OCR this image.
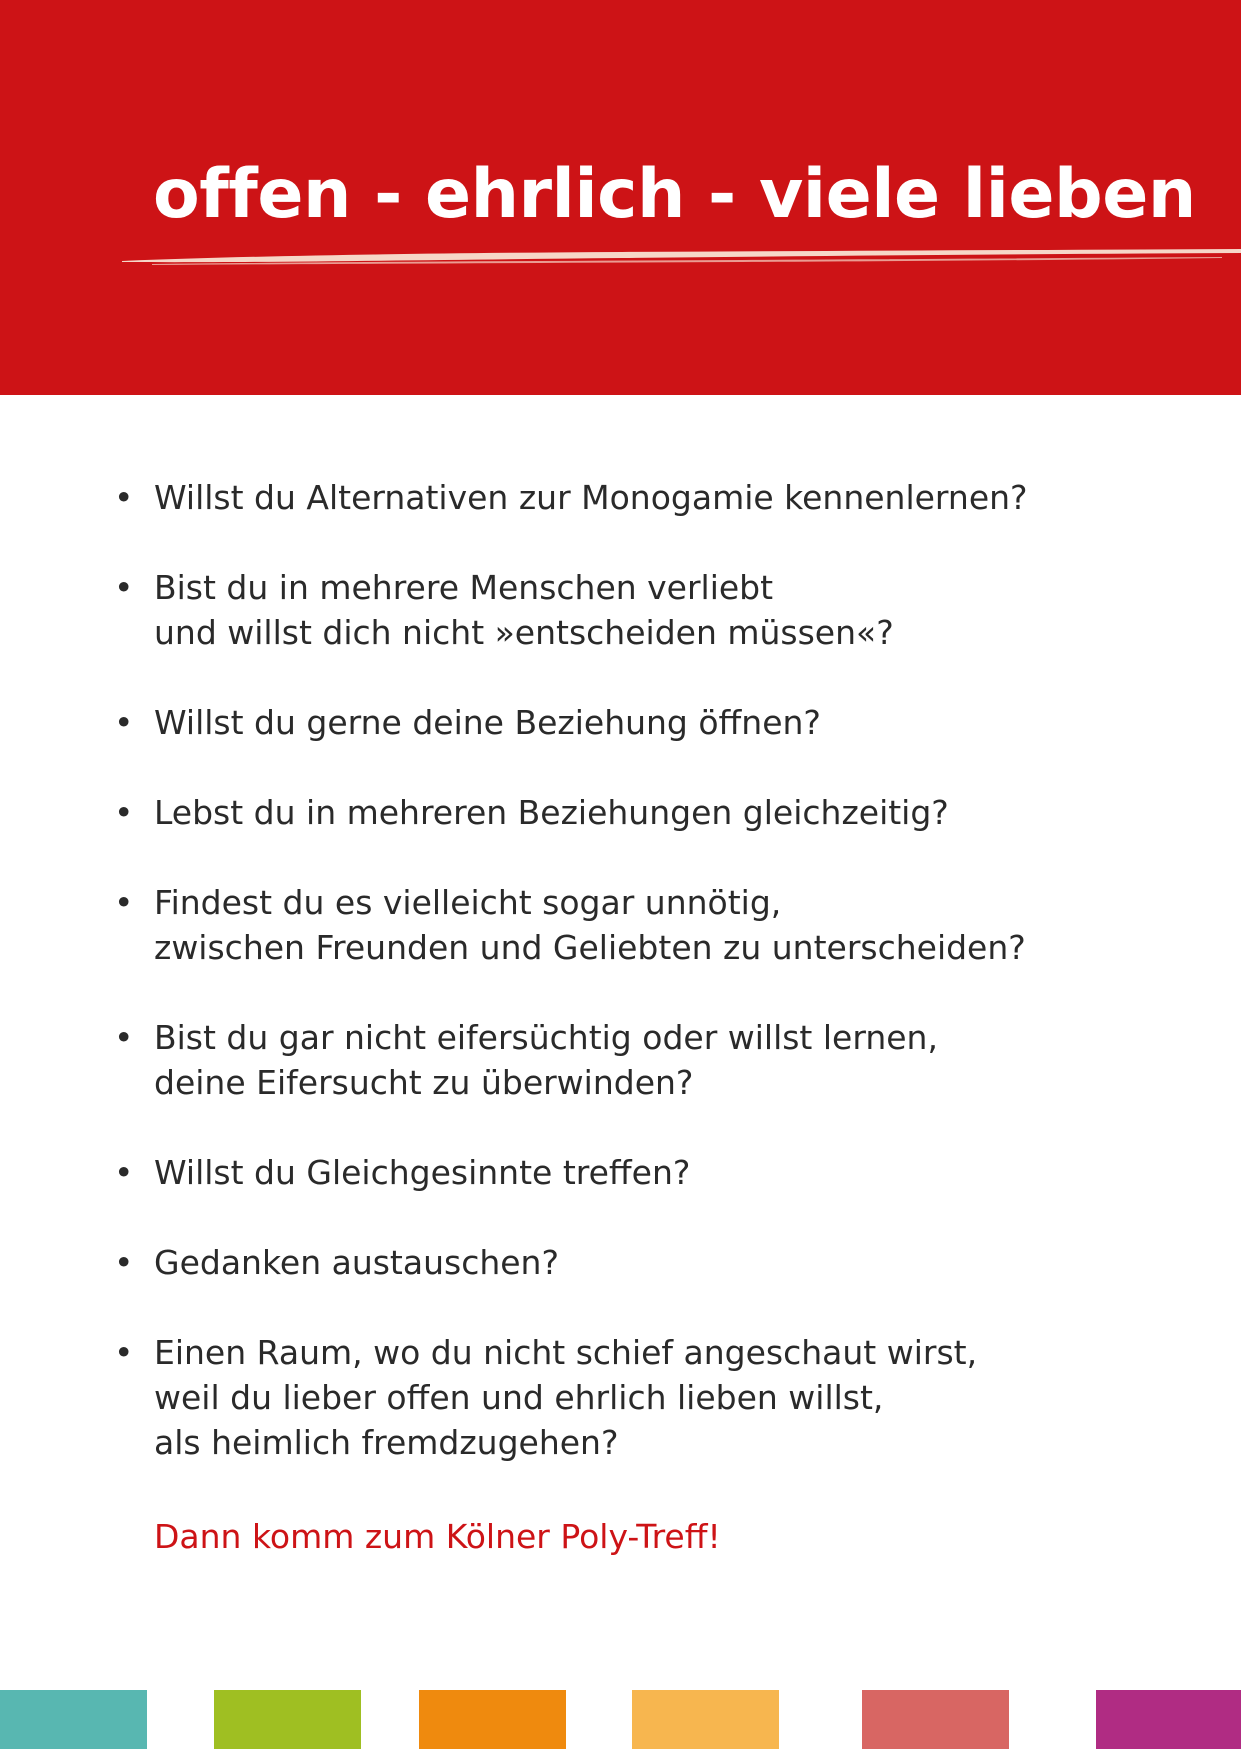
offen - ehrlich - viele lieben
• Willst du Alternativen zur Monogamie kennenlernen?
• Bist du in mehrere Menschen verliebt
und willst dich nicht »entscheiden müssen«?
• Willst du gerne deine Beziehung öffnen?
• Lebst du in mehreren Beziehungen gleichzeitig?
• Findest du es vielleicht sogar unnötig,
zwischen Freunden und Geliebten zu unterscheiden?
• Bist du gar nicht eifersüchtig oder willst lernen,
deine Eifersucht zu überwinden?
• Willst du Gleichgesinnte treffen?
• Gedanken austauschen?
• Einen Raum, wo du nicht schief angeschaut wirst,
weil du lieber offen und ehrlich lieben willst,
als heimlich fremdzugehen?

Dann komm zum Kölner Poly-Treff!
